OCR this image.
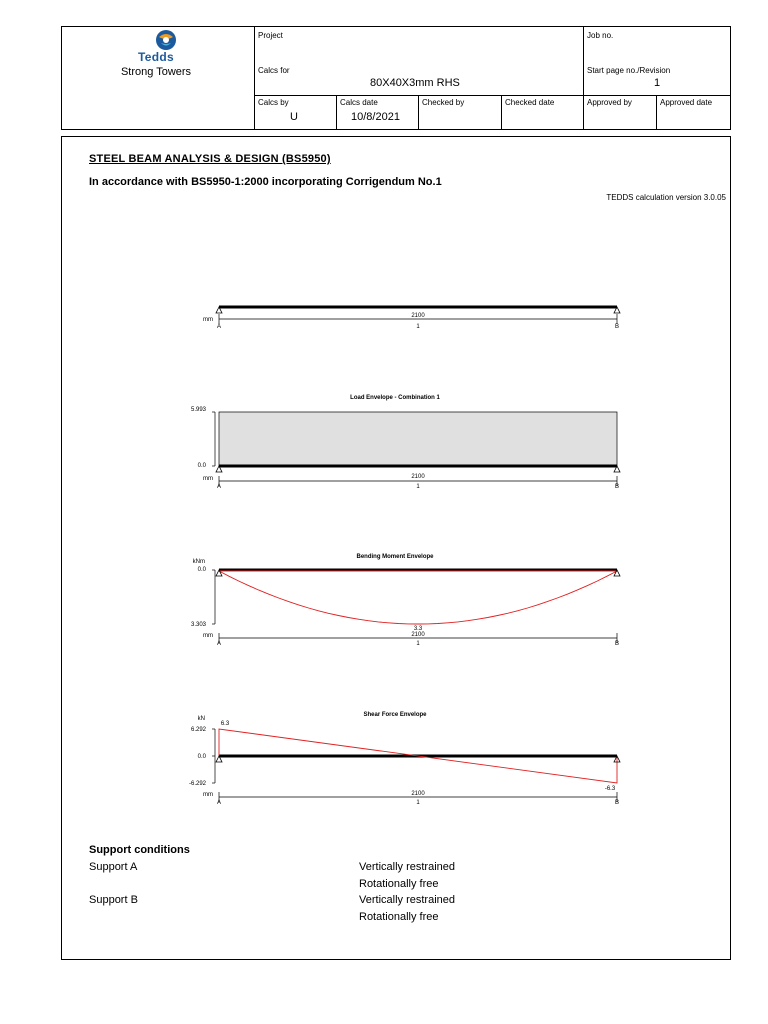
Tedds
Strong Towers
Project
Calcs for
80X40X3mm RHS
Job no.
Start page no./Revision
1
Calcs by
U
Calcs date
10/8/2021
Checked by	Checked date	Approved by	Approved date
STEEL BEAM ANALYSIS & DESIGN (BS5950)
In accordance with BS5950-1:2000 incorporating Corrigendum No.1
TEDDS calculation version 3.0.05
mm
2100
1
A	B
Load Envelope - Combination 1
5.993
0.0
mm	2100
1
A	B
Bending Moment Envelope
kNm
0.0
3.303
3.3
mm	2100
1
A	B
Shear Force Envelope
kN
6.292
0.0
-6.292
6.3
-6.3
mm	2100
1
A	B
Support conditions
Support A	Vertically restrained
Rotationally free
Support B	Vertically restrained
Rotationally free
